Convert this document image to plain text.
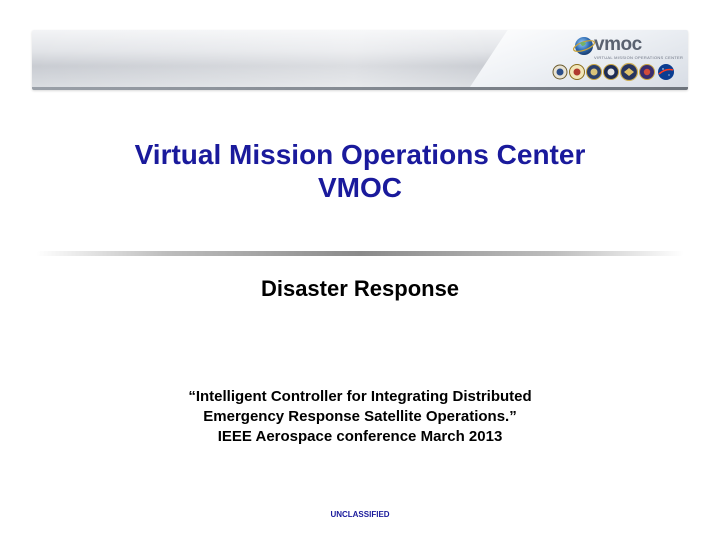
vmoc
VIRTUAL MISSION OPERATIONS CENTER
Virtual Mission Operations Center
VMOC
Disaster Response
“Intelligent Controller for Integrating Distributed
Emergency Response Satellite Operations.”
IEEE Aerospace conference March 2013
UNCLASSIFIED
